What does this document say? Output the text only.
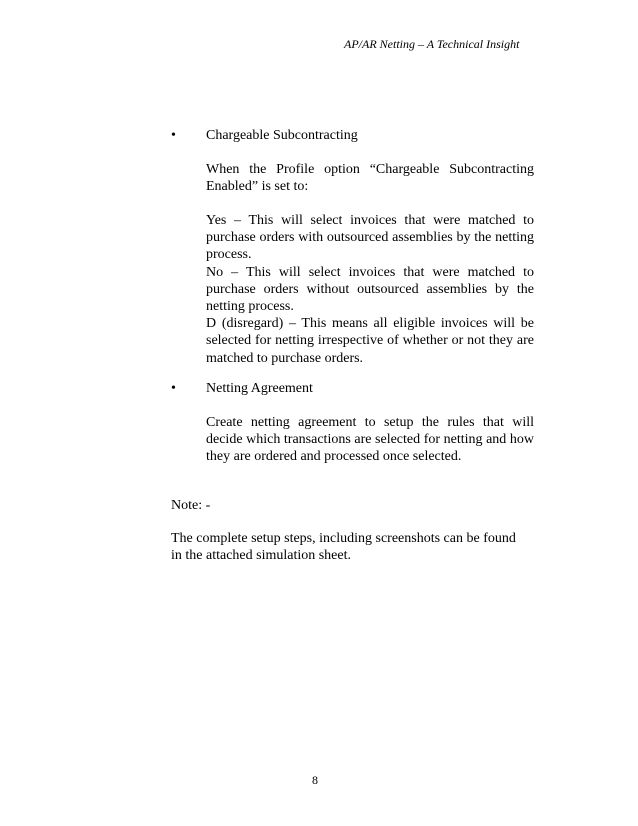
AP/AR Netting – A Technical Insight
• Chargeable Subcontracting

When the Profile option “Chargeable Subcontracting Enabled” is set to:

Yes – This will select invoices that were matched to purchase orders with outsourced assemblies by the netting process.

No – This will select invoices that were matched to purchase orders without outsourced assemblies by the netting process.

D (disregard) – This means all eligible invoices will be selected for netting irrespective of whether or not they are matched to purchase orders.

• Netting Agreement

Create netting agreement to setup the rules that will decide which transactions are selected for netting and how they are ordered and processed once selected.

Note: -
The complete setup steps, including screenshots can be found
in the attached simulation sheet.
8
